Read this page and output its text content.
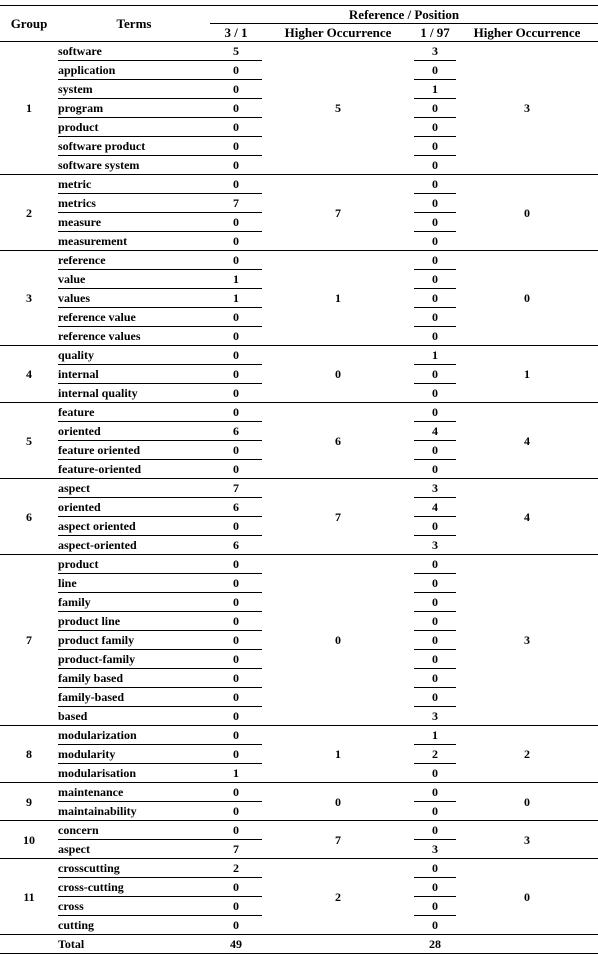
Group	Terms	Reference / Position			
		3 / 1	Higher Occurrence	1 / 97	Higher Occurrence
1	software	5	5	3	3
	application	0		0	
	system	0		1	
	program	0		0	
	product	0		0	
	software product	0		0	
	software system	0		0	
2	metric	0	7	0	0
	metrics	7		0	
	measure	0		0	
	measurement	0		0	
3	reference	0	1	0	0
	value	1		0	
	values	1		0	
	reference value	0		0	
	reference values	0		0	
4	quality	0	0	1	1
	internal	0		0	
	internal quality	0		0	
5	feature	0	6	0	4
	oriented	6		4	
	feature oriented	0		0	
	feature-oriented	0		0	
6	aspect	7	7	3	4
	oriented	6		4	
	aspect oriented	0		0	
	aspect-oriented	6		3	
7	product	0	0	0	3
	line	0		0	
	family	0		0	
	product line	0		0	
	product family	0		0	
	product-family	0		0	
	family based	0		0	
	family-based	0		0	
	based	0		3	
8	modularization	0	1	1	2
	modularity	0		2	
	modularisation	1		0	
9	maintenance	0	0	0	0
	maintainability	0		0	
10	concern	0	7	0	3
	aspect	7		3	
11	crosscutting	2	2	0	0
	cross-cutting	0		0	
	cross	0		0	
	cutting	0		0	
	Total	49		28	
